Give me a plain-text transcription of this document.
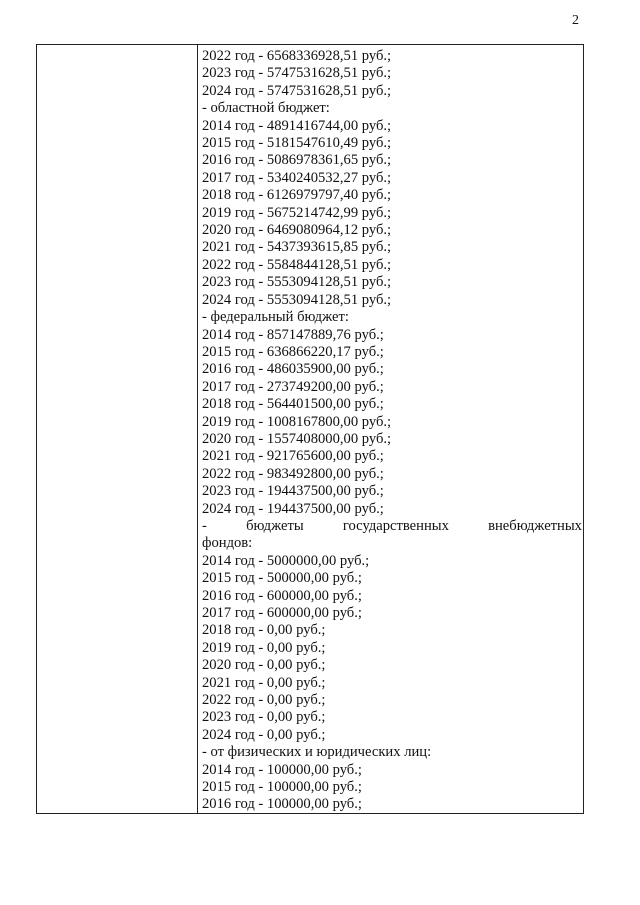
2
2022 год - 6568336928,51 руб.;
2023 год - 5747531628,51 руб.;
2024 год - 5747531628,51 руб.;
- областной бюджет:
2014 год - 4891416744,00 руб.;
2015 год - 5181547610,49 руб.;
2016 год - 5086978361,65 руб.;
2017 год - 5340240532,27 руб.;
2018 год - 6126979797,40 руб.;
2019 год - 5675214742,99 руб.;
2020 год - 6469080964,12 руб.;
2021 год - 5437393615,85 руб.;
2022 год - 5584844128,51 руб.;
2023 год - 5553094128,51 руб.;
2024 год - 5553094128,51 руб.;
- федеральный бюджет:
2014 год - 857147889,76 руб.;
2015 год - 636866220,17 руб.;
2016 год - 486035900,00 руб.;
2017 год - 273749200,00 руб.;
2018 год - 564401500,00 руб.;
2019 год - 1008167800,00 руб.;
2020 год - 1557408000,00 руб.;
2021 год - 921765600,00 руб.;
2022 год - 983492800,00 руб.;
2023 год - 194437500,00 руб.;
2024 год - 194437500,00 руб.;
-	бюджеты	государственных	внебюджетных
фондов:
2014 год - 5000000,00 руб.;
2015 год - 500000,00 руб.;
2016 год - 600000,00 руб.;
2017 год - 600000,00 руб.;
2018 год - 0,00 руб.;
2019 год - 0,00 руб.;
2020 год - 0,00 руб.;
2021 год - 0,00 руб.;
2022 год - 0,00 руб.;
2023 год - 0,00 руб.;
2024 год - 0,00 руб.;
- от физических и юридических лиц:
2014 год - 100000,00 руб.;
2015 год - 100000,00 руб.;
2016 год - 100000,00 руб.;
